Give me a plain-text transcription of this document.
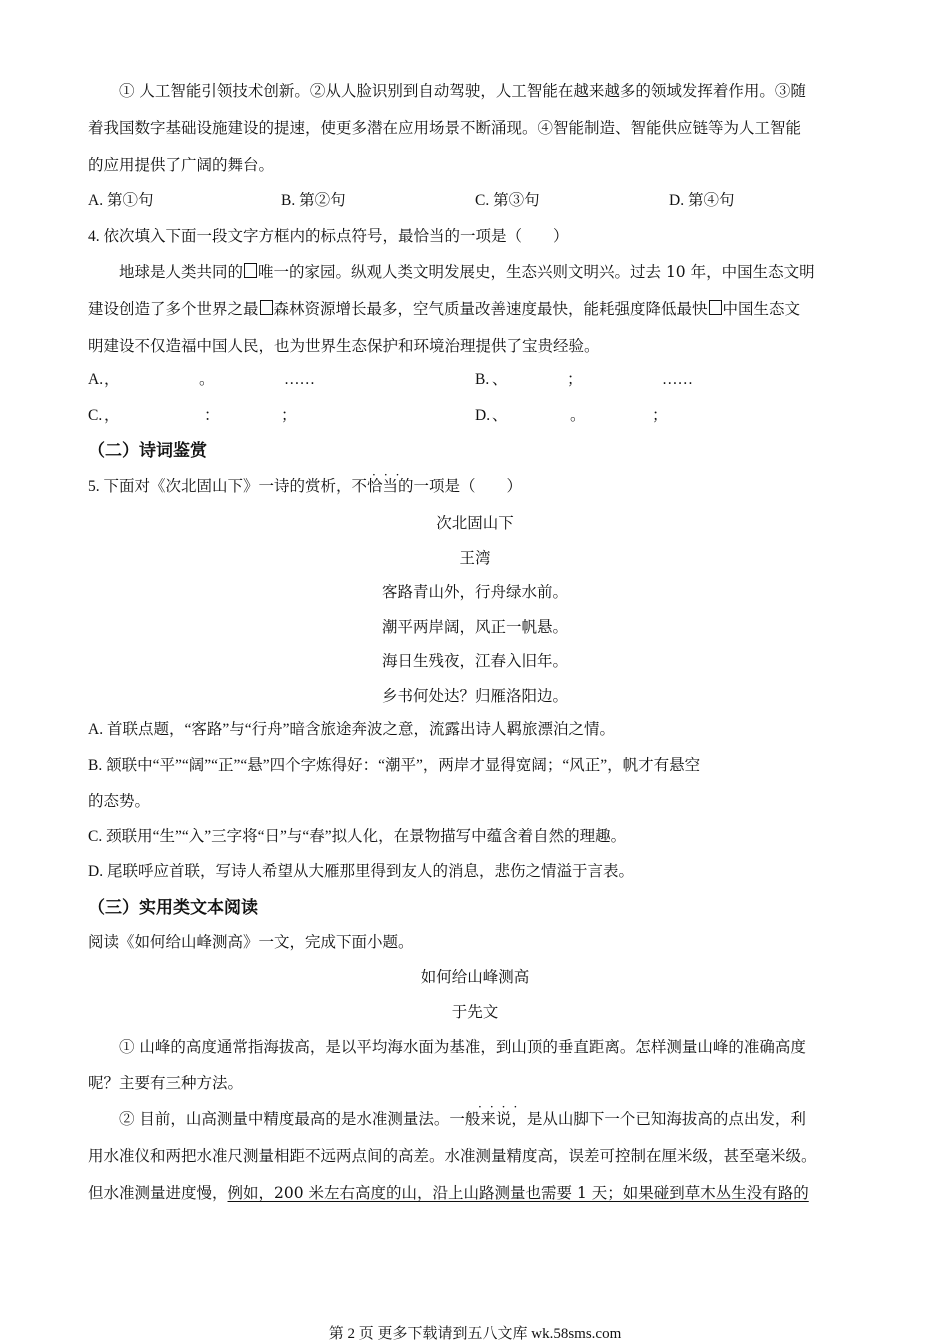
① 人工智能引领技术创新。②从人脸识别到自动驾驶，人工智能在越来越多的领域发挥着作用。③随
着我国数字基础设施建设的提速，使更多潜在应用场景不断涌现。④智能制造、智能供应链等为人工智能
的应用提供了广阔的舞台。
A. 第①句	B. 第②句	C. 第③句	D. 第④句
4. 依次填入下面一段文字方框内的标点符号，最恰当的一项是（　　）
地球是人类共同的 唯一的家园。纵观人类文明发展史，生态兴则文明兴。过去 10 年，中国生态文明
建设创造了多个世界之最 森林资源增长最多，空气质量改善速度最快，能耗强度降低最快 中国生态文
明建设不仅造福中国人民，也为世界生态保护和环境治理提供了宝贵经验。
A. ，	。	……	B. 、	；	……
C. ，	：	；	D. 、	。	；
（二）诗词鉴赏
···
5. 下面对《次北固山下》一诗的赏析，不恰当的一项是（　　）
次北固山下
王湾
客路青山外，行舟绿水前。
潮平两岸阔，风正一帆悬。
海日生残夜，江春入旧年。
乡书何处达？归雁洛阳边。
A. 首联点题，“客路”与“行舟”暗含旅途奔波之意，流露出诗人羁旅漂泊之情。
B. 颔联中“平”“阔”“正”“悬”四个字炼得好：“潮平”，两岸才显得宽阔；“风正”，帆才有悬空
的态势。
C. 颈联用“生”“入”三字将“日”与“春”拟人化，在景物描写中蕴含着自然的理趣。
D. 尾联呼应首联，写诗人希望从大雁那里得到友人的消息，悲伤之情溢于言表。
（三）实用类文本阅读
阅读《如何给山峰测高》一文，完成下面小题。
如何给山峰测高
于先文
① 山峰的高度通常指海拔高，是以平均海水面为基准，到山顶的垂直距离。怎样测量山峰的准确高度
呢？主要有三种方法。
····
② 目前，山高测量中精度最高的是水准测量法。一般来说，是从山脚下一个已知海拔高的点出发，利
用水准仪和两把水准尺测量相距不远两点间的高差。水准测量精度高，误差可控制在厘米级，甚至毫米级。
但水准测量进度慢，例如，200 米左右高度的山，沿上山路测量也需要 1 天；如果碰到草木丛生没有路的
第 2 页 更多下载请到五八文库 wk.58sms.com
